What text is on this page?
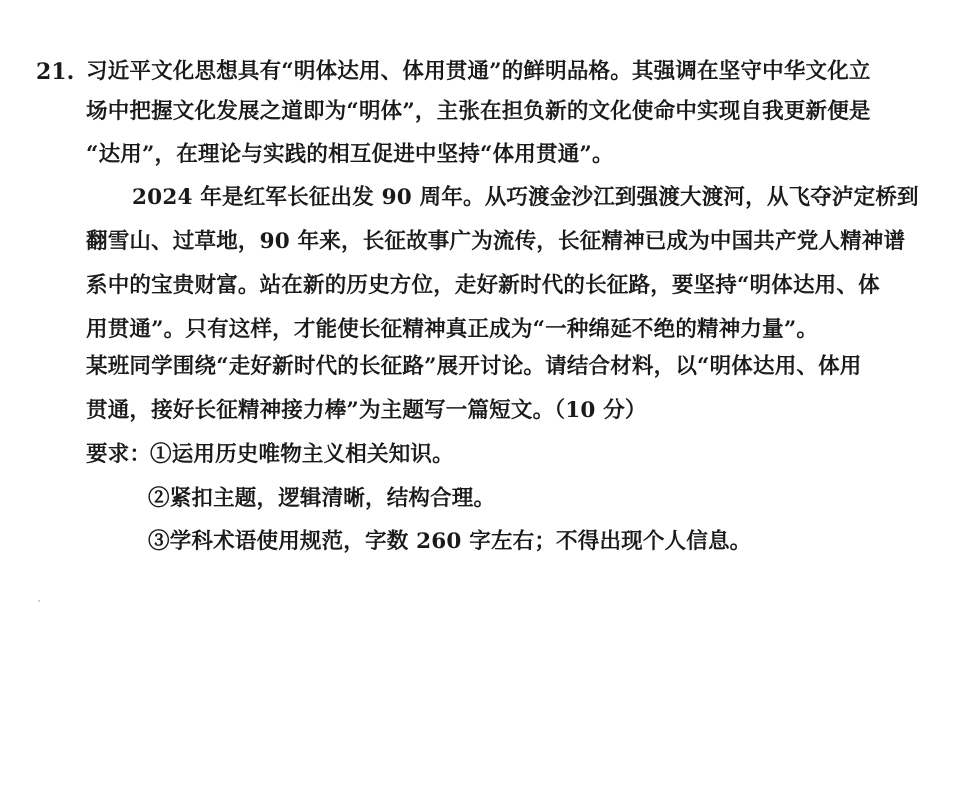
21. 习近平文化思想具有“明体达用、体用贯通”的鲜明品格。其强调在坚守中华文化立
场中把握文化发展之道即为“明体”，主张在担负新的文化使命中实现自我更新便是
“达用”，在理论与实践的相互促进中坚持“体用贯通”。
2024 年是红军长征出发 90 周年。从巧渡金沙江到强渡大渡河，从飞夺泸定桥到
翻雪山、过草地，90 年来，长征故事广为流传，长征精神已成为中国共产党人精神谱
系中的宝贵财富。站在新的历史方位，走好新时代的长征路，要坚持“明体达用、体
用贯通”。只有这样，才能使长征精神真正成为“一种绵延不绝的精神力量”。
某班同学围绕“走好新时代的长征路”展开讨论。请结合材料，以“明体达用、体用
贯通，接好长征精神接力棒”为主题写一篇短文。（10 分）
要求：
①运用历史唯物主义相关知识。
②紧扣主题，逻辑清晰，结构合理。
③学科术语使用规范，字数 260 字左右；不得出现个人信息。
